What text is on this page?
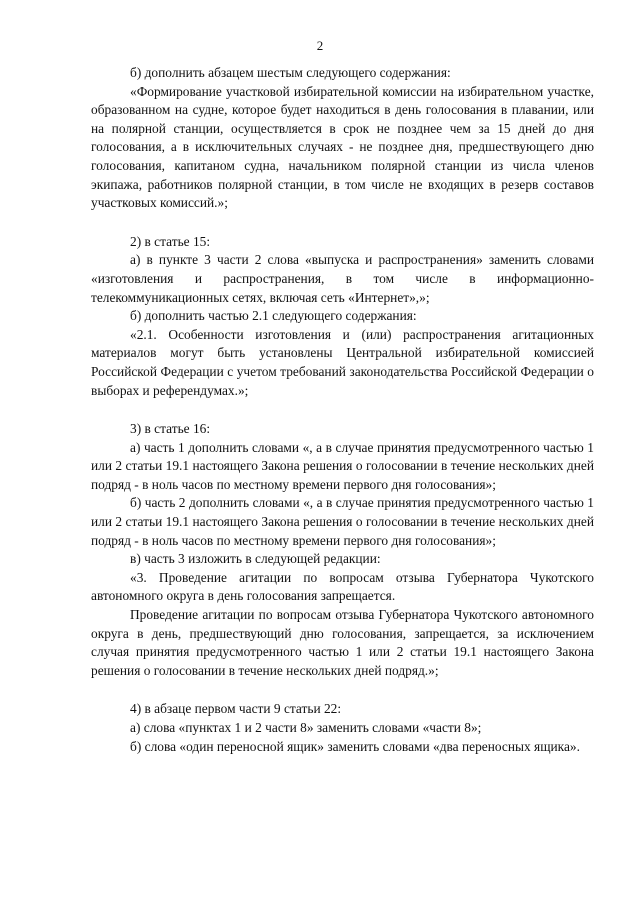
2

б) дополнить абзацем шестым следующего содержания:

«Формирование участковой избирательной комиссии на избирательном участке, образованном на судне, которое будет находиться в день голосования в плавании, или на полярной станции, осуществляется в срок не позднее чем за 15 дней до дня голосования, а в исключительных случаях - не позднее дня, предшествующего дню голосования, капитаном судна, начальником полярной станции из числа членов экипажа, работников полярной станции, в том числе не входящих в резерв составов участковых комиссий.»;

2) в статье 15:

а) в пункте 3 части 2 слова «выпуска и распространения» заменить словами «изготовления и распространения, в том числе в информационно-телекоммуникационных сетях, включая сеть «Интернет»,»;

б) дополнить частью 2.1 следующего содержания:

«2.1. Особенности изготовления и (или) распространения агитационных материалов могут быть установлены Центральной избирательной комиссией Российской Федерации с учетом требований законодательства Российской Федерации о выборах и референдумах.»;

3) в статье 16:

а) часть 1 дополнить словами «, а в случае принятия предусмотренного частью 1 или 2 статьи 19.1 настоящего Закона решения о голосовании в течение нескольких дней подряд - в ноль часов по местному времени первого дня голосования»;

б) часть 2 дополнить словами «, а в случае принятия предусмотренного частью 1 или 2 статьи 19.1 настоящего Закона решения о голосовании в течение нескольких дней подряд - в ноль часов по местному времени первого дня голосования»;

в) часть 3 изложить в следующей редакции:

«3. Проведение агитации по вопросам отзыва Губернатора Чукотского автономного округа в день голосования запрещается.

Проведение агитации по вопросам отзыва Губернатора Чукотского автономного округа в день, предшествующий дню голосования, запрещается, за исключением случая принятия предусмотренного частью 1 или 2 статьи 19.1 настоящего Закона решения о голосовании в течение нескольких дней подряд.»;

4) в абзаце первом части 9 статьи 22:

а) слова «пунктах 1 и 2 части 8» заменить словами «части 8»;

б) слова «один переносной ящик» заменить словами «два переносных ящика».
